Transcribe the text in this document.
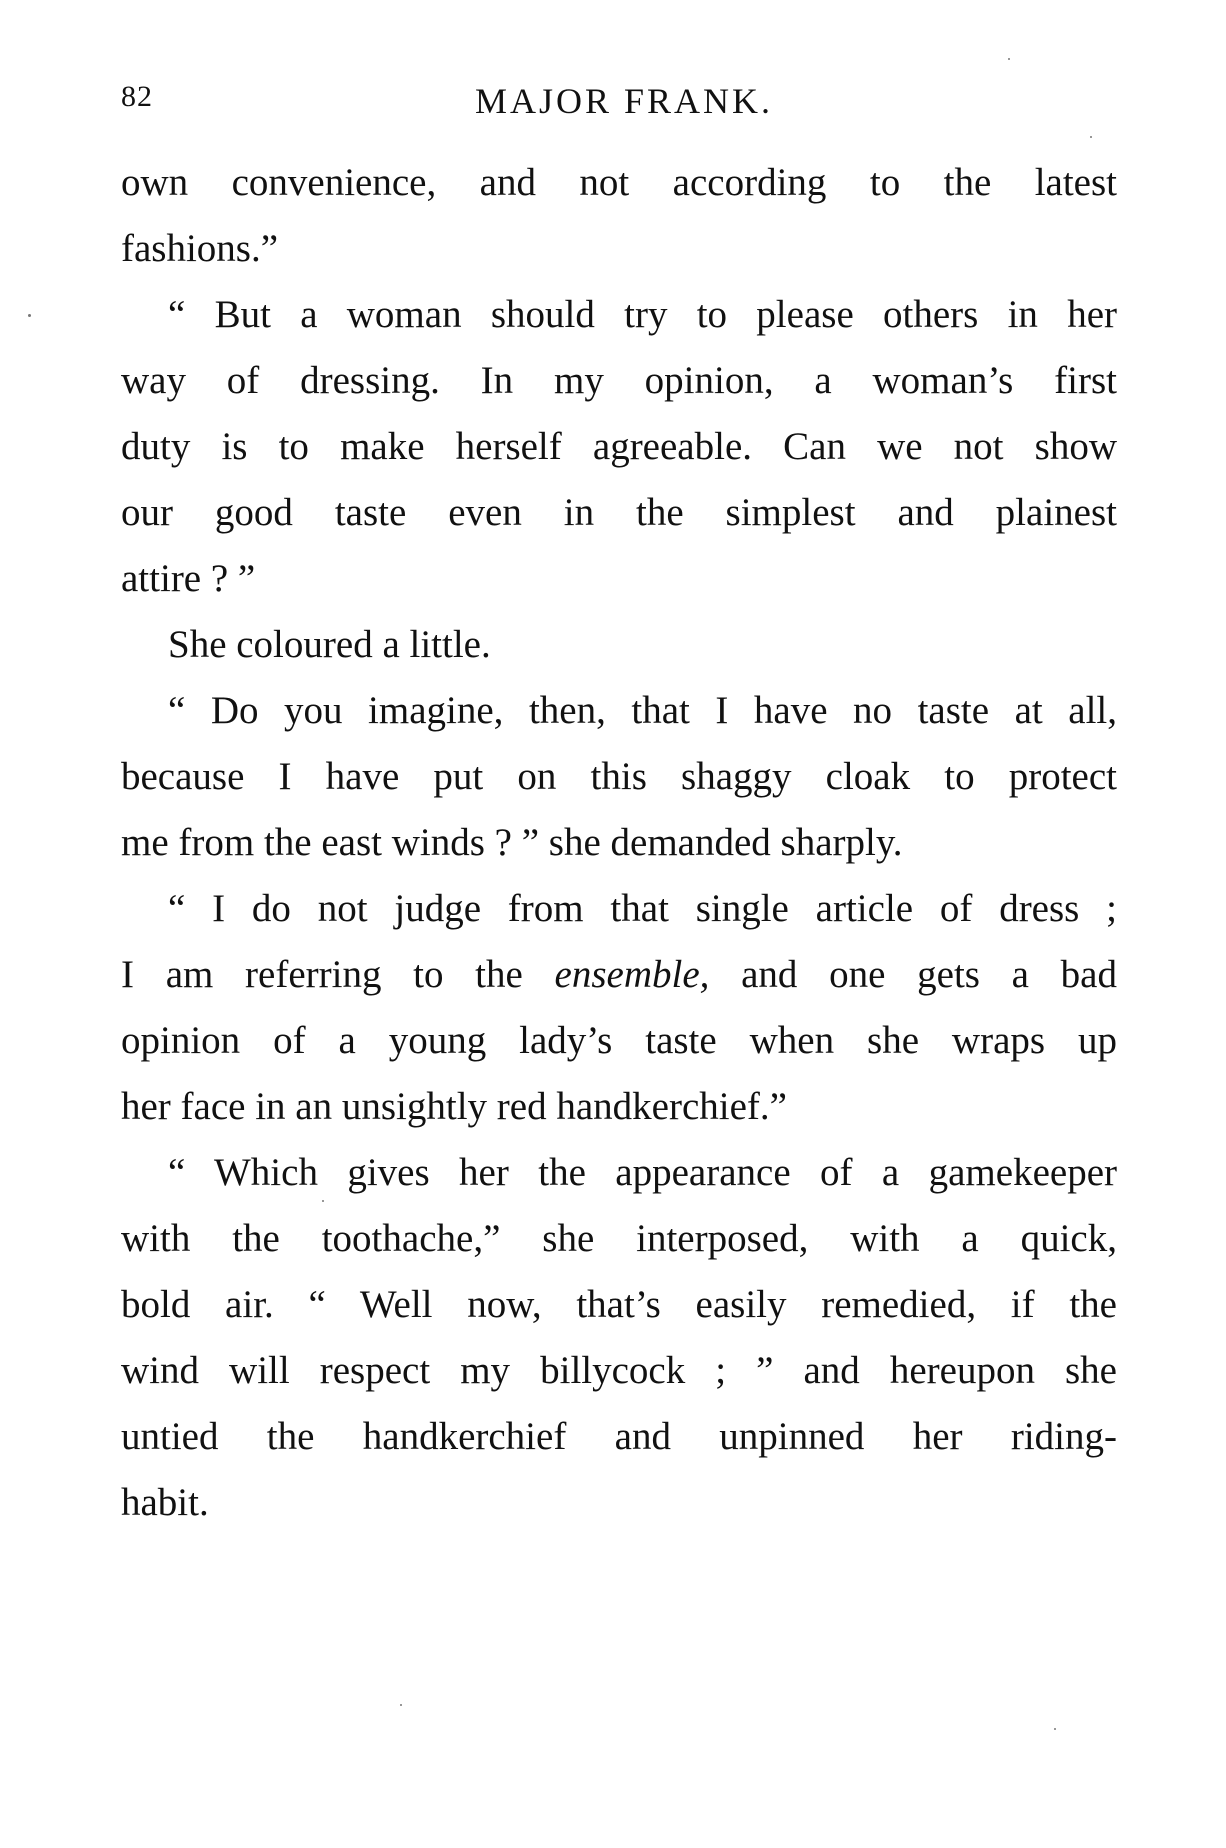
82	MAJOR FRANK.
own convenience, and not according to the latest
fashions.”
“ But a woman should try to please others in her
way of dressing. In my opinion, a woman’s first
duty is to make herself agreeable. Can we not show
our good taste even in the simplest and plainest
attire ? ”
She coloured a little.
“ Do you imagine, then, that I have no taste at all,
because I have put on this shaggy cloak to protect
me from the east winds ? ” she demanded sharply.
“ I do not judge from that single article of dress ;
I am referring to the ensemble, and one gets a bad
opinion of a young lady’s taste when she wraps up
her face in an unsightly red handkerchief.”
“ Which gives her the appearance of a gamekeeper
with the toothache,” she interposed, with a quick,
bold air. “ Well now, that’s easily remedied, if the
wind will respect my billycock ; ” and hereupon she
untied the handkerchief and unpinned her riding-
habit.
